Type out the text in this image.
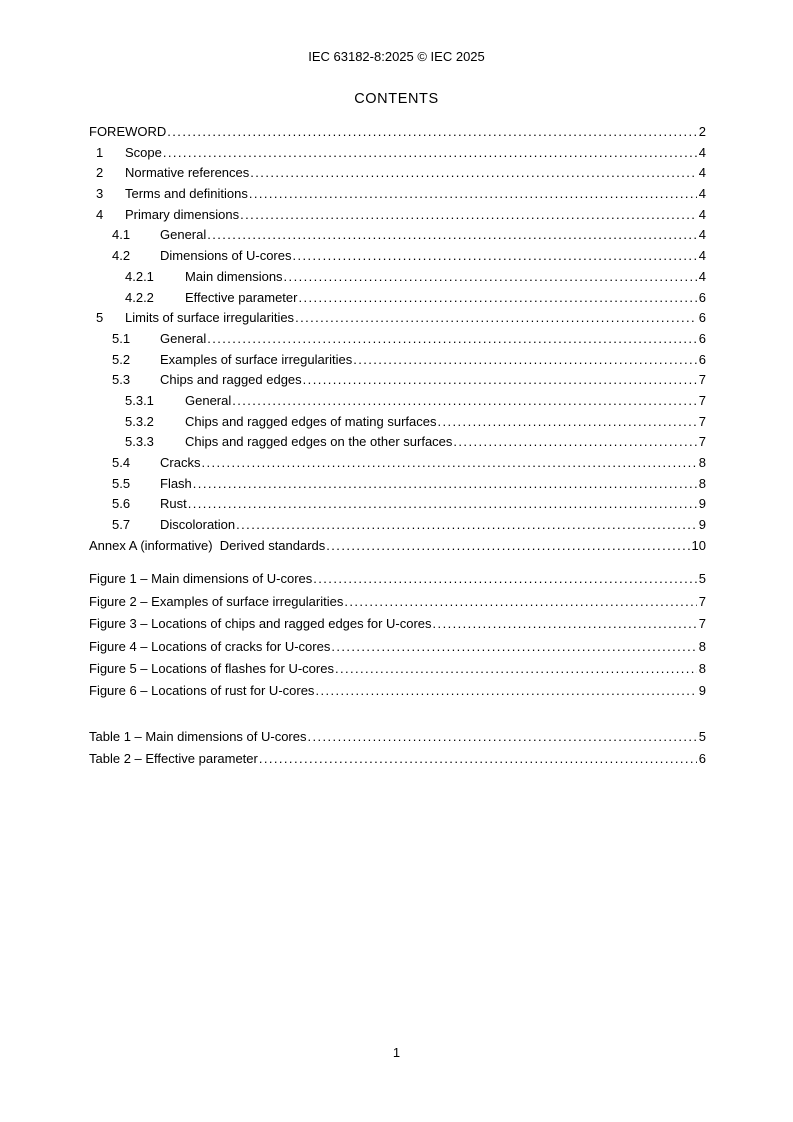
IEC 63182-8:2025 © IEC 2025
CONTENTS
FOREWORD .....	2
1	Scope .....	4
2	Normative references .....	4
3	Terms and definitions .....	4
4	Primary dimensions .....	4
4.1	General .....	4
4.2	Dimensions of U-cores .....	4
4.2.1	Main dimensions .....	4
4.2.2	Effective parameter .....	6
5	Limits of surface irregularities .....	6
5.1	General .....	6
5.2	Examples of surface irregularities .....	6
5.3	Chips and ragged edges .....	7
5.3.1	General .....	7
5.3.2	Chips and ragged edges of mating surfaces .....	7
5.3.3	Chips and ragged edges on the other surfaces .....	7
5.4	Cracks .....	8
5.5	Flash .....	8
5.6	Rust .....	9
5.7	Discoloration .....	9
Annex A (informative)  Derived standards .....	10
Figure 1 – Main dimensions of U-cores .....	5
Figure 2 – Examples of surface irregularities .....	7
Figure 3 – Locations of chips and ragged edges for U-cores .....	7
Figure 4 – Locations of cracks for U-cores .....	8
Figure 5 – Locations of flashes for U-cores .....	8
Figure 6 – Locations of rust for U-cores .....	9
Table 1 – Main dimensions of U-cores .....	5
Table 2 – Effective parameter .....	6
1
